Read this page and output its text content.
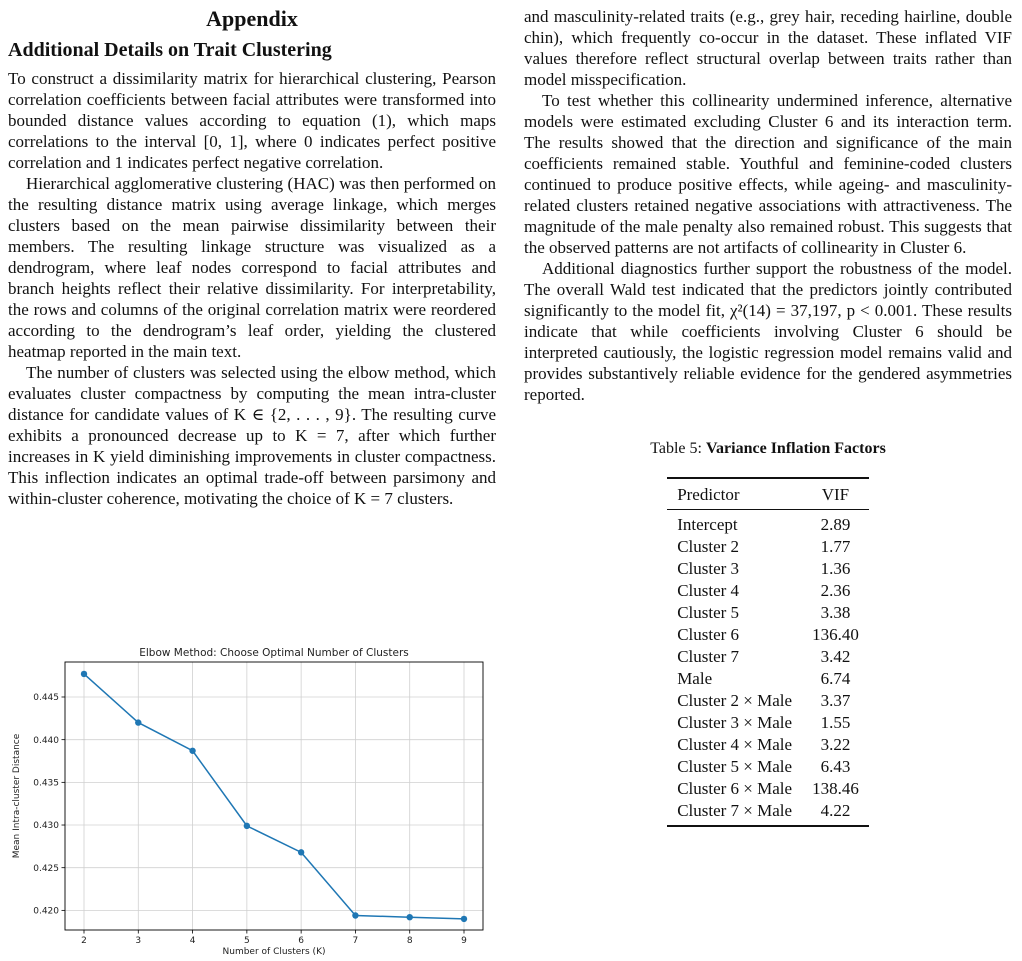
Appendix
Additional Details on Trait Clustering

To construct a dissimilarity matrix for hierarchical clustering, Pearson correlation coefficients between facial attributes were transformed into bounded distance values according to equation (1), which maps correlations to the interval [0, 1], where 0 indicates perfect positive correlation and 1 indicates perfect negative correlation.

Hierarchical agglomerative clustering (HAC) was then performed on the resulting distance matrix using average linkage, which merges clusters based on the mean pairwise dissimilarity between their members. The resulting linkage structure was visualized as a dendrogram, where leaf nodes correspond to facial attributes and branch heights reflect their relative dissimilarity. For interpretability, the rows and columns of the original correlation matrix were reordered according to the dendrogram’s leaf order, yielding the clustered heatmap reported in the main text.

The number of clusters was selected using the elbow method, which evaluates cluster compactness by computing the mean intra-cluster distance for candidate values of K ∈ {2, . . . , 9}. The resulting curve exhibits a pronounced decrease up to K = 7, after which further increases in K yield diminishing improvements in cluster compactness. This inflection indicates an optimal trade-off between parsimony and within-cluster coherence, motivating the choice of K = 7 clusters.

Elbow Method: Choose Optimal Number of Clusters
2	3	4	5	6	7	8	9
0.420
0.425
0.430
0.435
0.440
0.445
Number of Clusters (K)
Mean Intra-cluster Distance

and masculinity-related traits (e.g., grey hair, receding hairline, double chin), which frequently co-occur in the dataset. These inflated VIF values therefore reflect structural overlap between traits rather than model misspecification.

To test whether this collinearity undermined inference, alternative models were estimated excluding Cluster 6 and its interaction term. The results showed that the direction and significance of the main coefficients remained stable. Youthful and feminine-coded clusters continued to produce positive effects, while ageing- and masculinity-related clusters retained negative associations with attractiveness. The magnitude of the male penalty also remained robust. This suggests that the observed patterns are not artifacts of collinearity in Cluster 6.

Additional diagnostics further support the robustness of the model. The overall Wald test indicated that the predictors jointly contributed significantly to the model fit, χ²(14) = 37,197, p < 0.001. These results indicate that while coefficients involving Cluster 6 should be interpreted cautiously, the logistic regression model remains valid and provides substantively reliable evidence for the gendered asymmetries reported.

Table 5: Variance Inflation Factors
Predictor	VIF
Intercept	2.89
Cluster 2	1.77
Cluster 3	1.36
Cluster 4	2.36
Cluster 5	3.38
Cluster 6	136.40
Cluster 7	3.42
Male	6.74
Cluster 2 × Male	3.37
Cluster 3 × Male	1.55
Cluster 4 × Male	3.22
Cluster 5 × Male	6.43
Cluster 6 × Male	138.46
Cluster 7 × Male	4.22
